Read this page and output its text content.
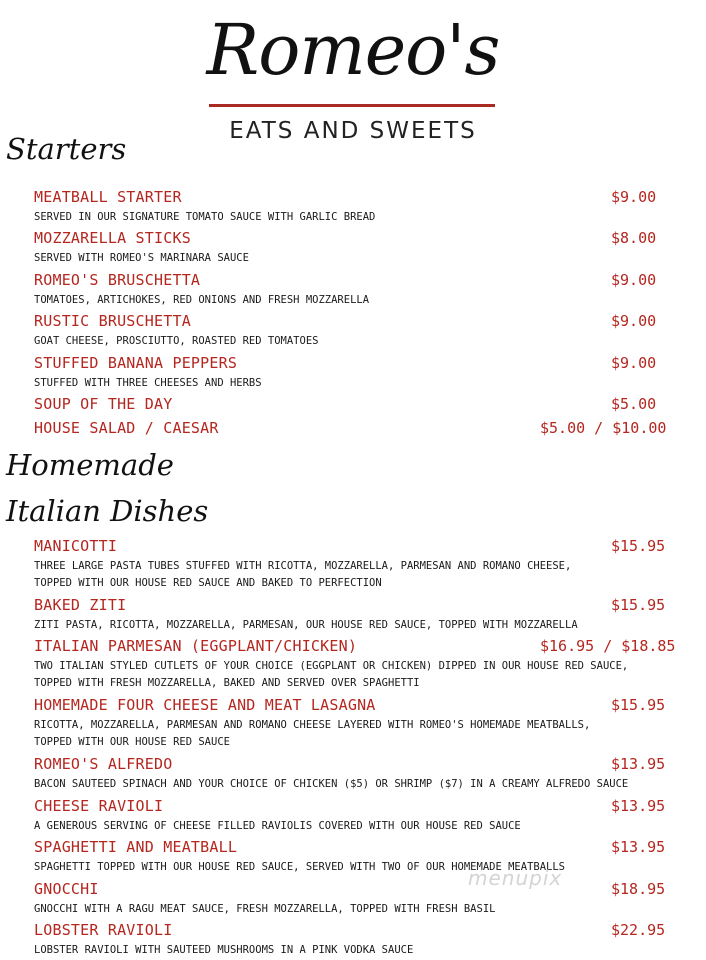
Romeo's
EATS AND SWEETS
Starters
MEATBALL STARTER	$9.00
SERVED IN OUR SIGNATURE TOMATO SAUCE WITH GARLIC BREAD
MOZZARELLA STICKS	$8.00
SERVED WITH ROMEO'S MARINARA SAUCE
ROMEO'S BRUSCHETTA	$9.00
TOMATOES, ARTICHOKES, RED ONIONS AND FRESH MOZZARELLA
RUSTIC BRUSCHETTA	$9.00
GOAT CHEESE, PROSCIUTTO, ROASTED RED TOMATOES
STUFFED BANANA PEPPERS	$9.00
STUFFED WITH THREE CHEESES AND HERBS
SOUP OF THE DAY	$5.00
HOUSE SALAD / CAESAR	$5.00 / $10.00
Homemade
Italian Dishes
MANICOTTI	$15.95
THREE LARGE PASTA TUBES STUFFED WITH RICOTTA, MOZZARELLA, PARMESAN AND ROMANO CHEESE,
TOPPED WITH OUR HOUSE RED SAUCE AND BAKED TO PERFECTION
BAKED ZITI	$15.95
ZITI PASTA, RICOTTA, MOZZARELLA, PARMESAN, OUR HOUSE RED SAUCE, TOPPED WITH MOZZARELLA
ITALIAN PARMESAN (EGGPLANT/CHICKEN)	$16.95 / $18.85
TWO ITALIAN STYLED CUTLETS OF YOUR CHOICE (EGGPLANT OR CHICKEN) DIPPED IN OUR HOUSE RED SAUCE,
TOPPED WITH FRESH MOZZARELLA, BAKED AND SERVED OVER SPAGHETTI
HOMEMADE FOUR CHEESE AND MEAT LASAGNA	$15.95
RICOTTA, MOZZARELLA, PARMESAN AND ROMANO CHEESE LAYERED WITH ROMEO'S HOMEMADE MEATBALLS,
TOPPED WITH OUR HOUSE RED SAUCE
ROMEO'S ALFREDO	$13.95
BACON SAUTEED SPINACH AND YOUR CHOICE OF CHICKEN ($5) OR SHRIMP ($7) IN A CREAMY ALFREDO SAUCE
CHEESE RAVIOLI	$13.95
A GENEROUS SERVING OF CHEESE FILLED RAVIOLIS COVERED WITH OUR HOUSE RED SAUCE
SPAGHETTI AND MEATBALL	$13.95
SPAGHETTI TOPPED WITH OUR HOUSE RED SAUCE, SERVED WITH TWO OF OUR HOMEMADE MEATBALLS
GNOCCHI	$18.95
GNOCCHI WITH A RAGU MEAT SAUCE, FRESH MOZZARELLA, TOPPED WITH FRESH BASIL
LOBSTER RAVIOLI	$22.95
LOBSTER RAVIOLI WITH SAUTEED MUSHROOMS IN A PINK VODKA SAUCE
menupix
